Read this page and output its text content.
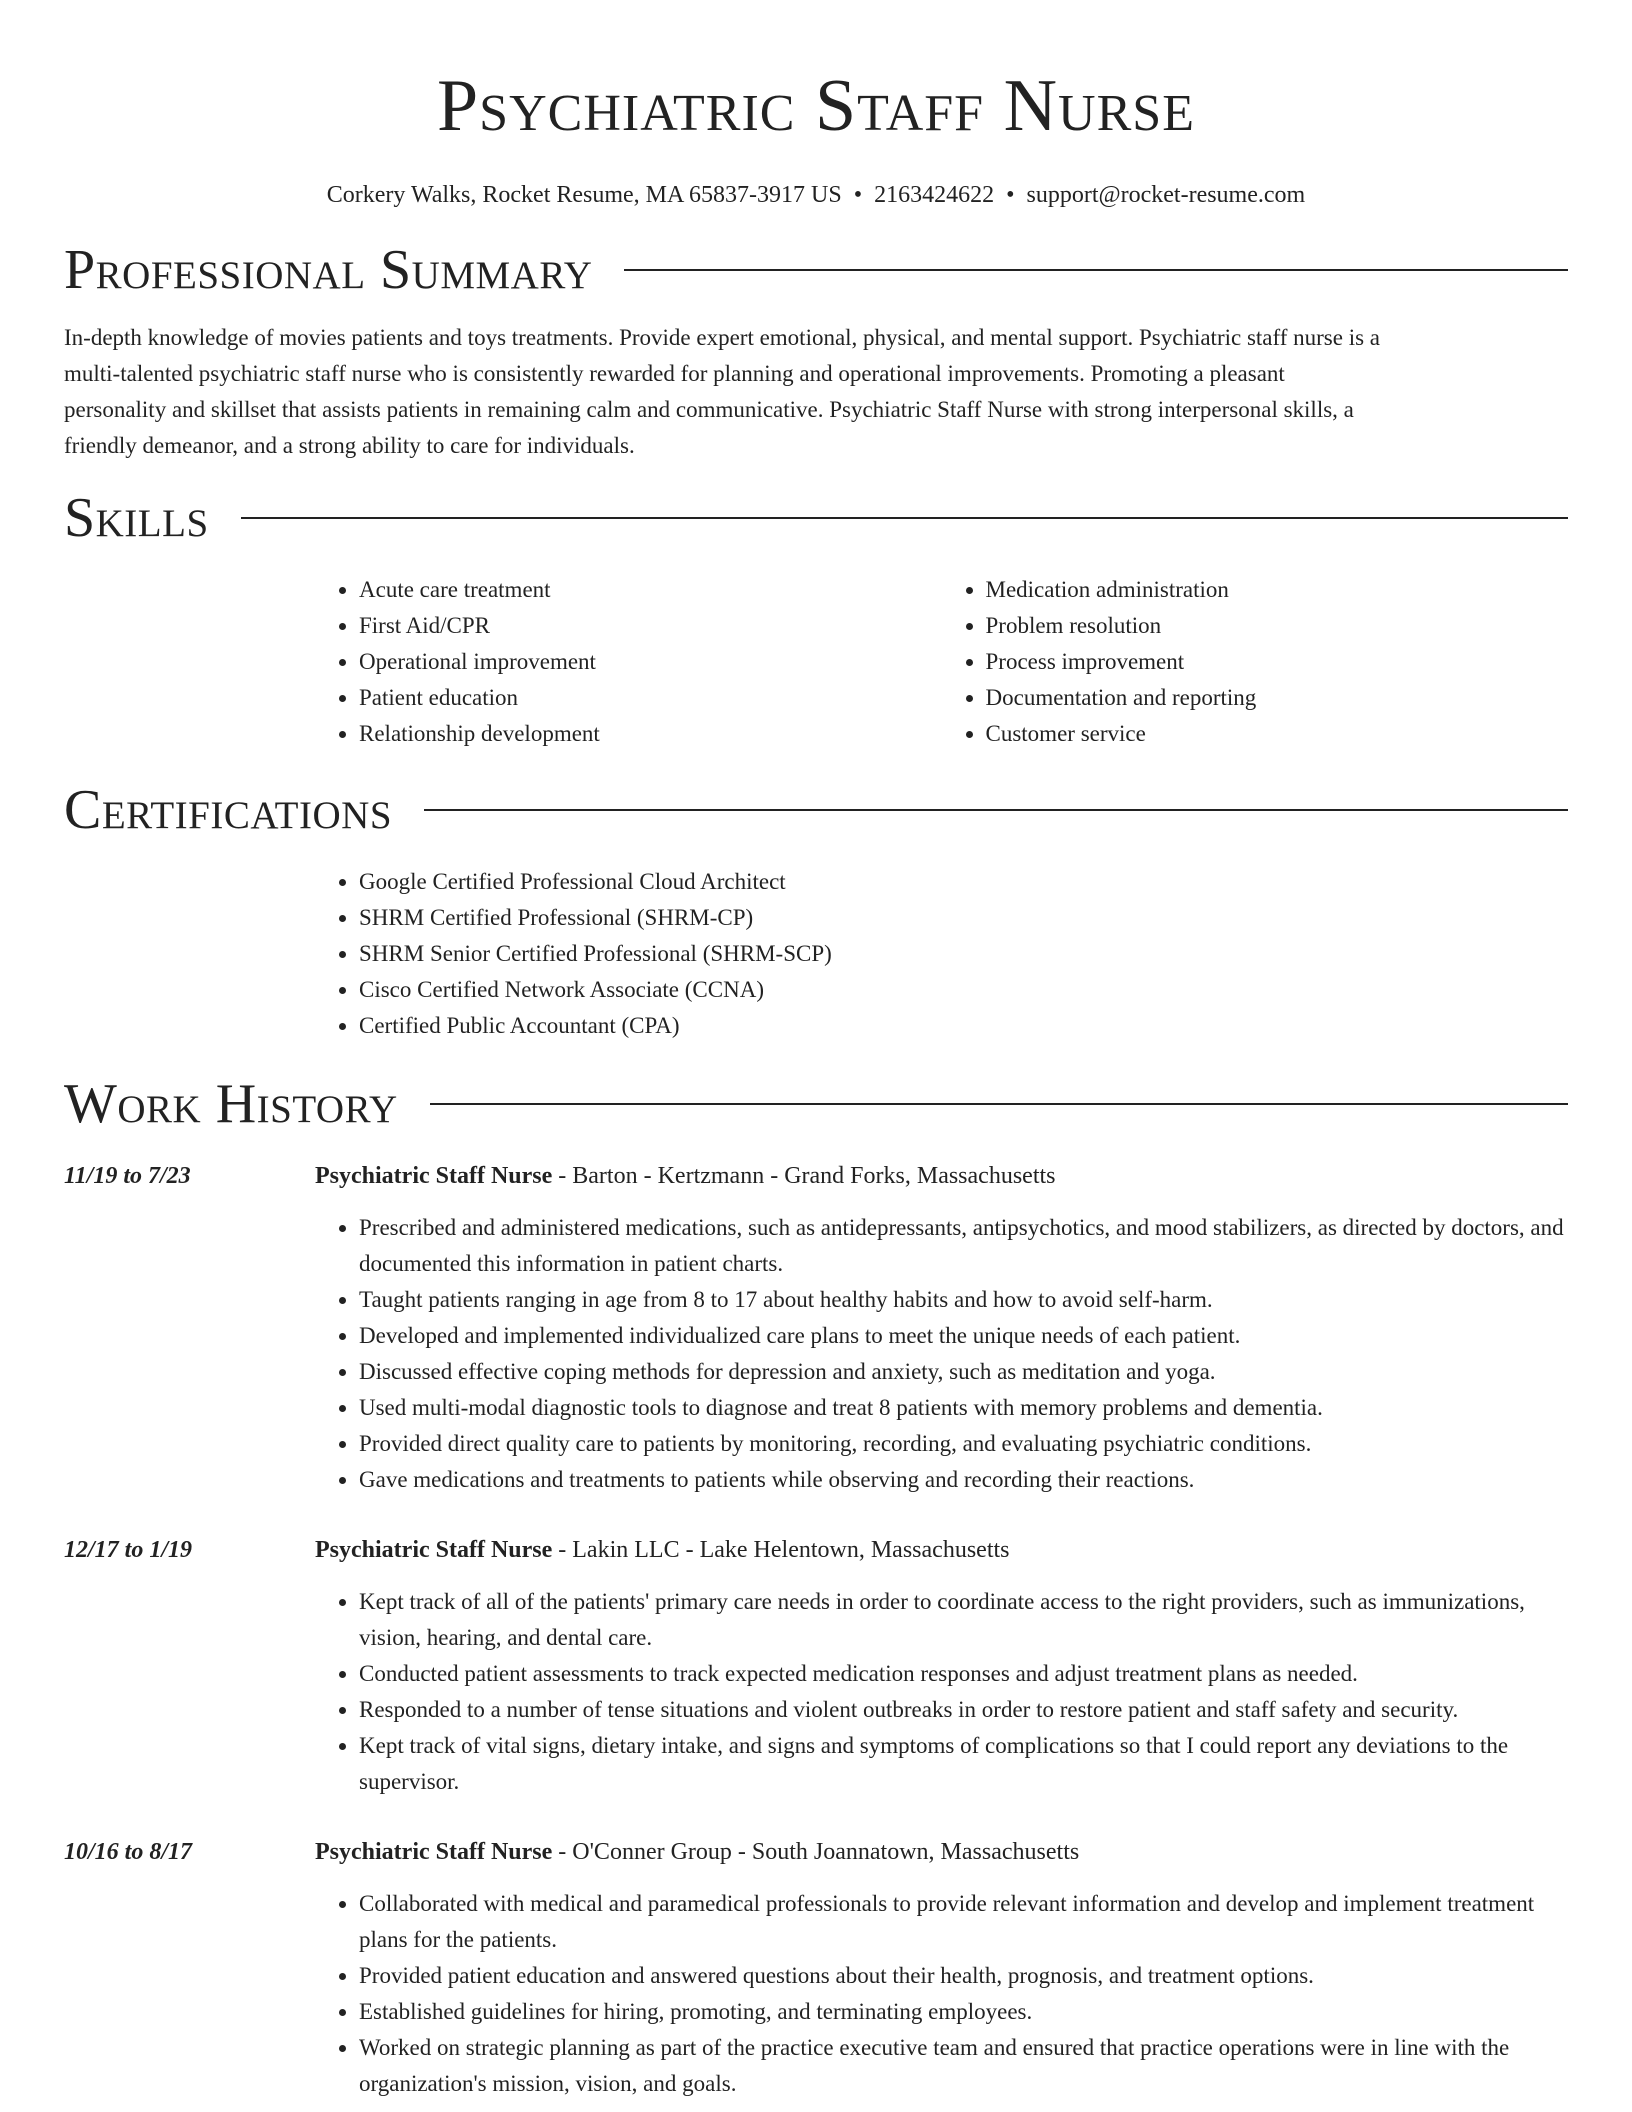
Psychiatric Staff Nurse
Corkery Walks, Rocket Resume, MA 65837-3917 US • 2163424622 • support@rocket-resume.com
Professional Summary

In-depth knowledge of movies patients and toys treatments. Provide expert emotional, physical, and mental support. Psychiatric staff nurse is a multi-talented psychiatric staff nurse who is consistently rewarded for planning and operational improvements. Promoting a pleasant personality and skillset that assists patients in remaining calm and communicative. Psychiatric Staff Nurse with strong interpersonal skills, a friendly demeanor, and a strong ability to care for individuals.

Skills
• Acute care treatment
• First Aid/CPR
• Operational improvement
• Patient education
• Relationship development
• Medication administration
• Problem resolution
• Process improvement
• Documentation and reporting
• Customer service
Certifications
• Google Certified Professional Cloud Architect
• SHRM Certified Professional (SHRM-CP)
• SHRM Senior Certified Professional (SHRM-SCP)
• Cisco Certified Network Associate (CCNA)
• Certified Public Accountant (CPA)
Work History
11/19 to 7/23	Psychiatric Staff Nurse - Barton - Kertzmann - Grand Forks, Massachusetts
• Prescribed and administered medications, such as antidepressants, antipsychotics, and mood stabilizers, as directed by doctors, and documented this information in patient charts.
• Taught patients ranging in age from 8 to 17 about healthy habits and how to avoid self-harm.
• Developed and implemented individualized care plans to meet the unique needs of each patient.
• Discussed effective coping methods for depression and anxiety, such as meditation and yoga.
• Used multi-modal diagnostic tools to diagnose and treat 8 patients with memory problems and dementia.
• Provided direct quality care to patients by monitoring, recording, and evaluating psychiatric conditions.
• Gave medications and treatments to patients while observing and recording their reactions.
12/17 to 1/19	Psychiatric Staff Nurse - Lakin LLC - Lake Helentown, Massachusetts
• Kept track of all of the patients' primary care needs in order to coordinate access to the right providers, such as immunizations, vision, hearing, and dental care.
• Conducted patient assessments to track expected medication responses and adjust treatment plans as needed.
• Responded to a number of tense situations and violent outbreaks in order to restore patient and staff safety and security.
• Kept track of vital signs, dietary intake, and signs and symptoms of complications so that I could report any deviations to the supervisor.
10/16 to 8/17	Psychiatric Staff Nurse - O'Conner Group - South Joannatown, Massachusetts
• Collaborated with medical and paramedical professionals to provide relevant information and develop and implement treatment plans for the patients.
• Provided patient education and answered questions about their health, prognosis, and treatment options.
• Established guidelines for hiring, promoting, and terminating employees.
• Worked on strategic planning as part of the practice executive team and ensured that practice operations were in line with the organization's mission, vision, and goals.
